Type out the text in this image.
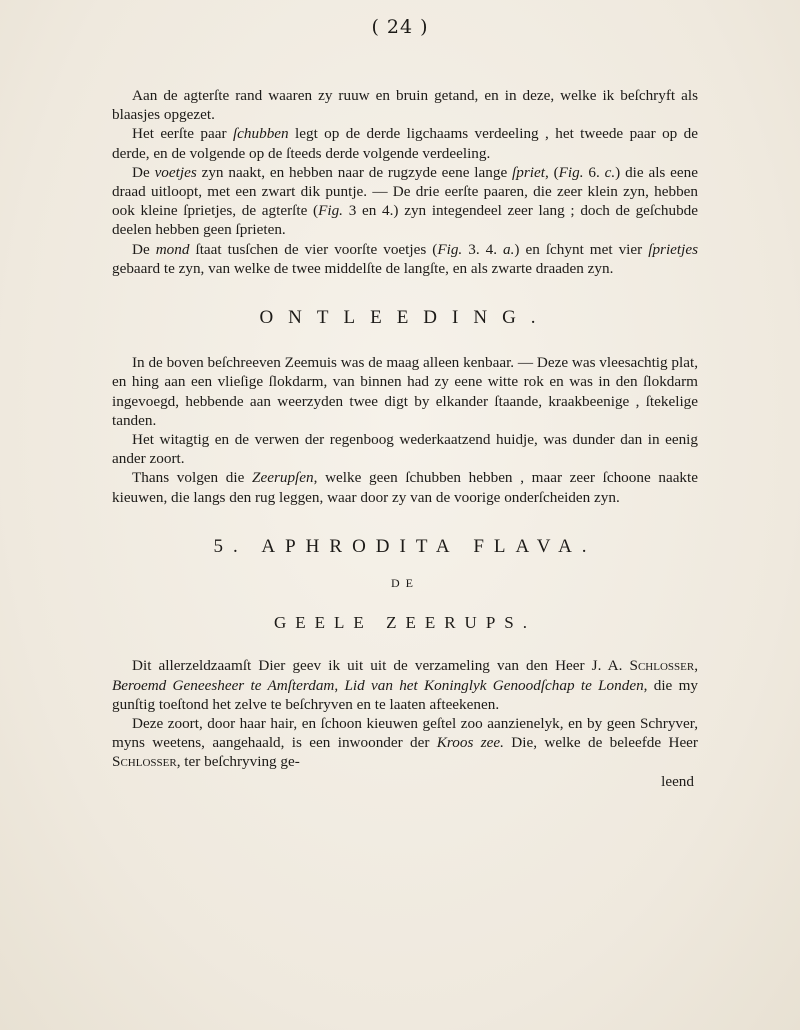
( 24 )

Aan de agterſte rand waaren zy ruuw en bruin getand, en in deze, welke ik beſchryft als blaasjes opgezet.

Het eerſte paar ſchubben legt op de derde ligchaams verdeeling , het tweede paar op de derde, en de volgende op de ſteeds derde volgende verdeeling.

De voetjes zyn naakt, en hebben naar de rugzyde eene lange ſpriet, (Fig. 6. c.) die als eene draad uitloopt, met een zwart dik puntje. — De drie eerſte paaren, die zeer klein zyn, hebben ook kleine ſprietjes, de agterſte (Fig. 3 en 4.) zyn integendeel zeer lang ; doch de geſchubde deelen hebben geen ſprieten.

De mond ſtaat tusſchen de vier voorſte voetjes (Fig. 3. 4. a.) en ſchynt met vier ſprietjes gebaard te zyn, van welke de twee middelſte de langſte, en als zwarte draaden zyn.

ONTLEEDING.

In de boven beſchreeven Zeemuis was de maag alleen kenbaar. — Deze was vleesachtig plat, en hing aan een vlieſige ſlokdarm, van binnen had zy eene witte rok en was in den ſlokdarm ingevoegd, hebbende aan weerzyden twee digt by elkander ſtaande, kraakbeenige , ſtekelige tanden.

Het witagtig en de verwen der regenboog wederkaatzend huidje, was dunder dan in eenig ander zoort.

Thans volgen die Zeerupſen, welke geen ſchubben hebben , maar zeer ſchoone naakte kieuwen, die langs den rug leggen, waar door zy van de voorige onderſcheiden zyn.

5. APHRODITA FLAVA.
DE
GEELE ZEERUPS.

Dit allerzeldzaamſt Dier geev ik uit uit de verzameling van den Heer J. A. Schlosser, Beroemd Geneesheer te Amſterdam, Lid van het Koninglyk Genoodſchap te Londen, die my gunſtig toeſtond het zelve te beſchryven en te laaten afteekenen.

Deze zoort, door haar hair, en ſchoon kieuwen geſtel zoo aanzienelyk, en by geen Schryver, myns weetens, aangehaald, is een inwoonder der Kroos zee. Die, welke de beleefde Heer Schlosser, ter beſchryving ge-

leend
